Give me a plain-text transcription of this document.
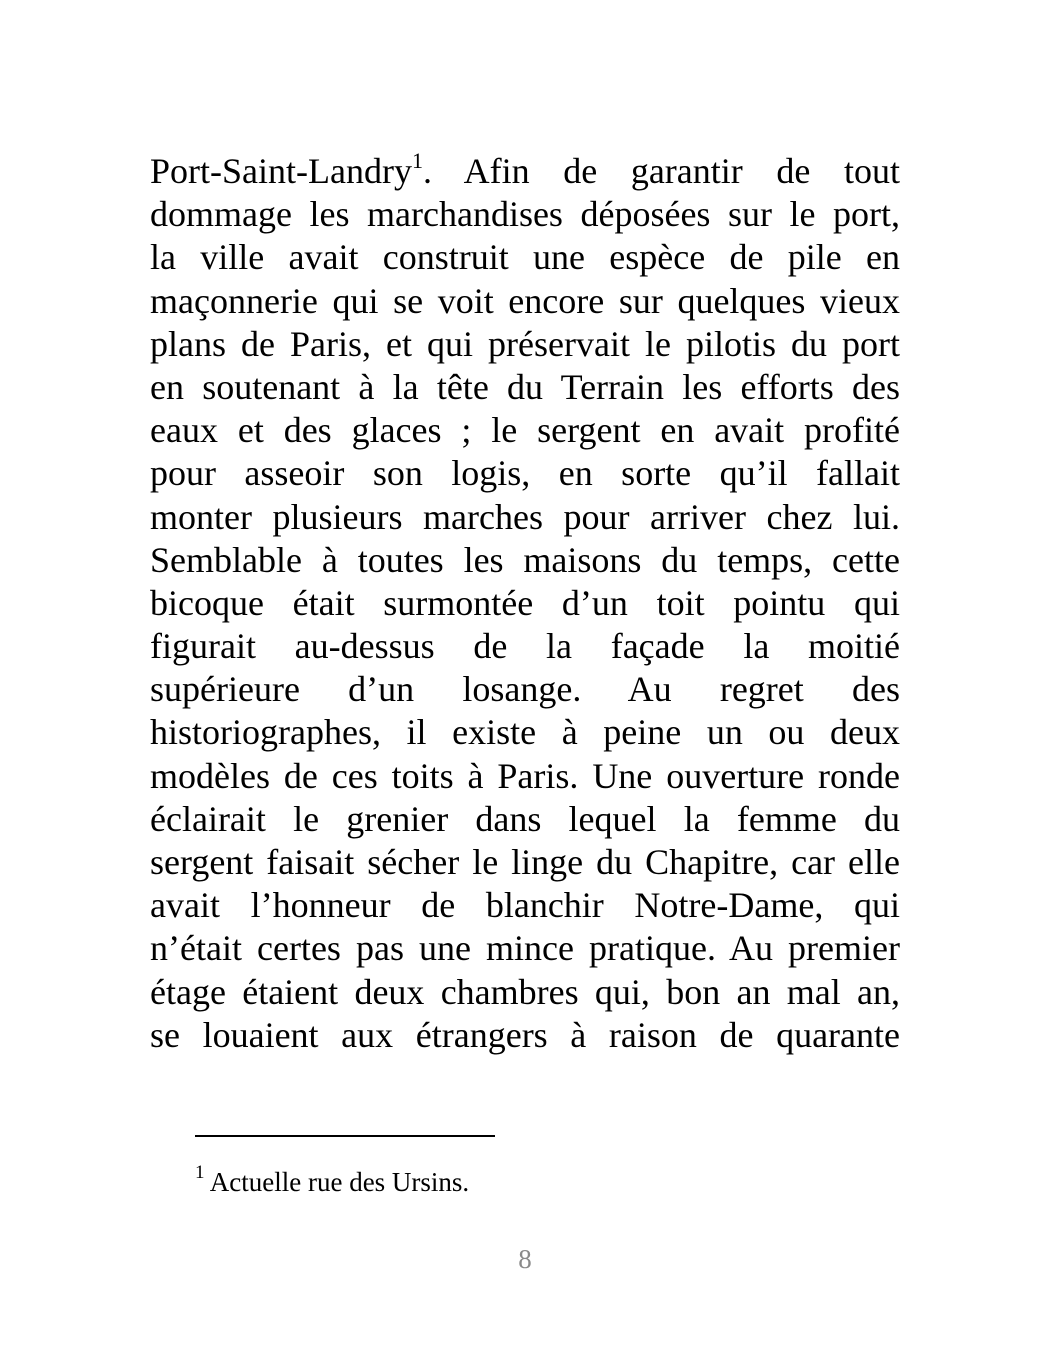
Port-Saint-Landry$^1$. Afin de garantir de tout
dommage les marchandises déposées sur le port,
la ville avait construit une espèce de pile en
maçonnerie qui se voit encore sur quelques vieux
plans de Paris, et qui préservait le pilotis du port
en soutenant à la tête du Terrain les efforts des
eaux et des glaces ; le sergent en avait profité
pour asseoir son logis, en sorte qu’il fallait
monter plusieurs marches pour arriver chez lui.
Semblable à toutes les maisons du temps, cette
bicoque était surmontée d’un toit pointu qui
figurait au-dessus de la façade la moitié
supérieure d’un losange. Au regret des
historiographes, il existe à peine un ou deux
modèles de ces toits à Paris. Une ouverture ronde
éclairait le grenier dans lequel la femme du
sergent faisait sécher le linge du Chapitre, car elle
avait l’honneur de blanchir Notre-Dame, qui
n’était certes pas une mince pratique. Au premier
étage étaient deux chambres qui, bon an mal an,
se louaient aux étrangers à raison de quarante
$^1$ Actuelle rue des Ursins.
8
